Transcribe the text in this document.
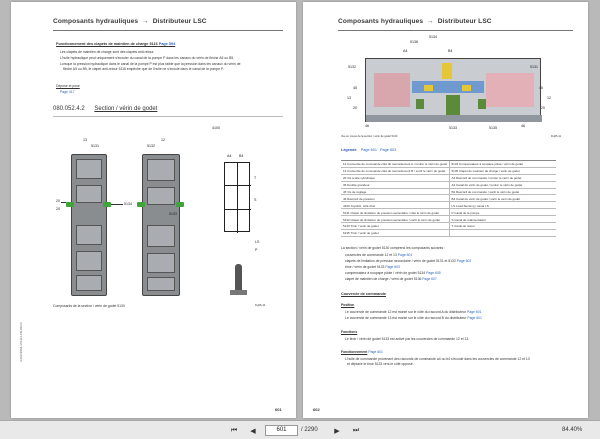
Composants hydrauliques → Distributeur LSC
Fonctionnement des clapets de maintien de charge 5116 Page 594
Les clapets de maintien de charge sont des clapets anti-retour.
L'huile hydraulique peut uniquement s'écouler du canal de la pompe P dans les canaux du vérin de flèche A5 ou B5.
Lorsque la pression hydraulique dans le canal de la pompe P est plus faible que la pression dans les canaux du vérin de
flèche A5 ou B5, le clapet anti-retour 5116 empêche que de l'huile ne s'écoule dans le canal de la pompe P.
Dépose et pose
Page 417
080.052.4.2 Section / vérin de godet
13
5131	5132
12
4100
5134
20
20
5133
A4 B4
T
S
LS
P
Composants de la section / vérin de godet 5130	Fig05-10
4-RLC2904-VCLD2-FR-06/14
601
Composants hydrauliques → Distributeur LSC
5136
5134
A4	B4
5132	5131
45	45
46	46
20	20
13	12
5133	5135
Vue en coupe de la section / vérin de godet 5130	Fig05-11
Légende Page 601 Page 603
12 Couvercle de commande côté du raccordement A / rentrer le vérin de godet	5134 Compensateur à soupape pilote / vérin de godet
13 Couvercle de commande côté du raccordement B / sortir le vérin de godet	5136 Clapet de maintien de charge / vérin de godet
20 Vis à tête cylindrique	A4 Raccord de commande / rentrer le vérin de godet
36 Double grandeur	A4 Canal du vérin de godet / rentrer le vérin de godet
45 Vis de réglage	B4 Raccord de commande / sortir le vérin de godet
46 Raccord de pression	B4 Canal du vérin de godet / sortir le vérin de godet
4100 Joystick, côté droit	LS Load-Sensing / canal LS
5131 Clapet de limitation de pression secondaire / côté le vérin de godet	P Canal de la pompe
5132 Clapet de limitation de pression secondaire / sortir le vérin de godet	S Canal de réalimentation
5133 Tiroir / vérin de godet	T Canal de retour
5135 Tiroir / vérin de godet
La section / vérin de godet 5130 comprend les composants suivants :
couvercles de commande 12 et 13 Page 601
clapets de limitation de pression secondaire / vérin de godet 5131 et 5132 Page 602
tiroir / vérin de godet 5133 Page 603
compensateur à soupape pilote / vérin de godet 5134 Page 605
clapet de maintien de charge / vérin de godet 5136 Page 607
Couvercle de commande
Position
Le couvercle de commande 12 est monté sur le côté du raccord A du distributeur Page 601
Le couvercle de commande 13 est monté sur le côté du raccord B du distributeur Page 601
Fonctions
Le tiroir / vérin de godet 5133 est activé par les couvercles de commande 12 et 13.
Fonctionnement Page 601
L'huile de commande provenant des raccords de commande a4 ou b4 s'écoule dans les couvercles de commande 12 et 13
et déplace le tiroir 5133 vers le côté opposé.
602
⏮ ◀	601	/ 2290 ▶ ⏭	84.40%
